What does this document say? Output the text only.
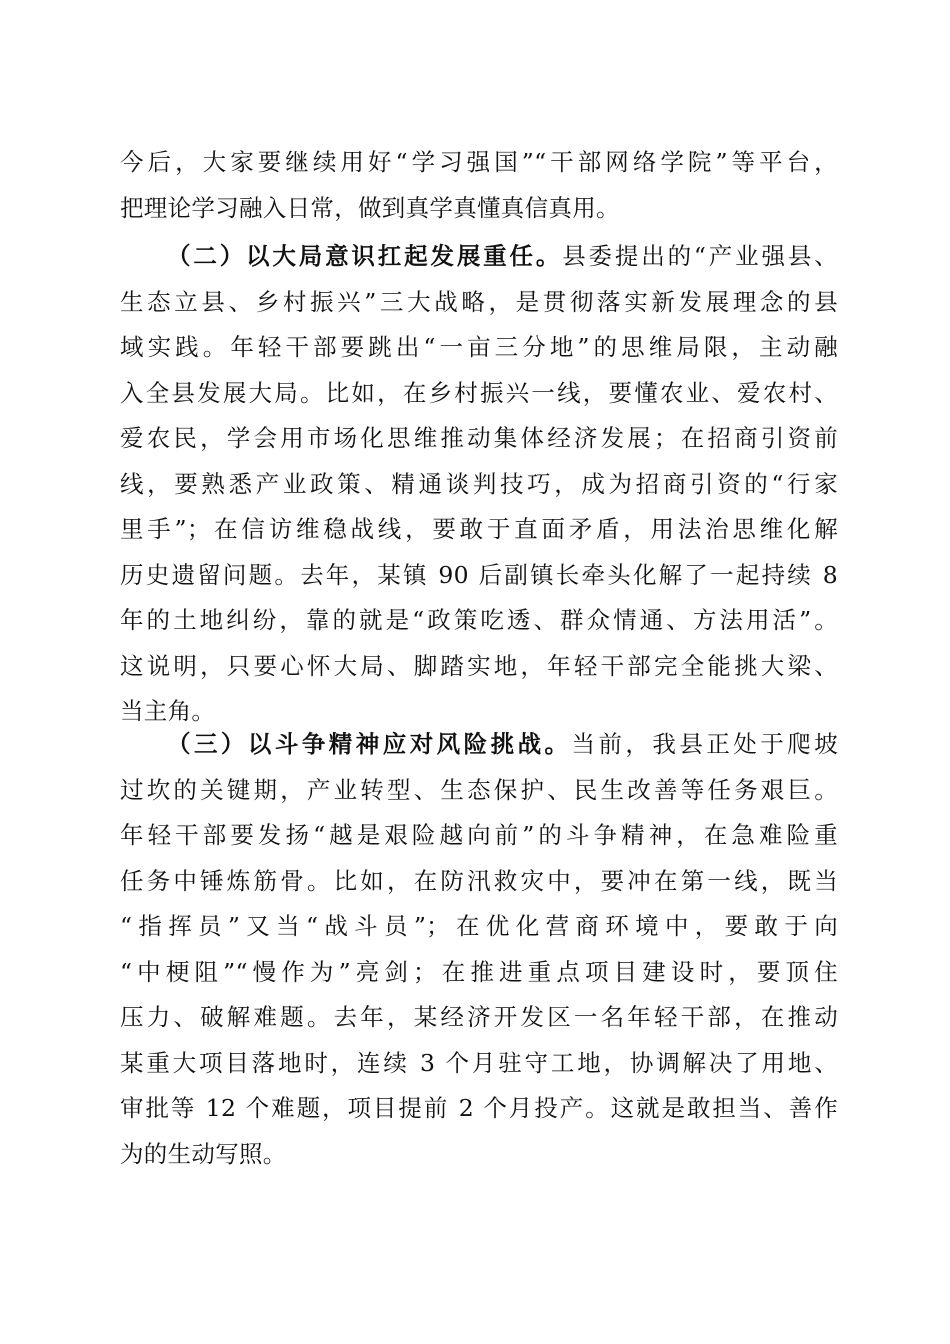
今后，大家要继续用好“学习强国”“干部网络学院”等平台，
把理论学习融入日常，做到真学真懂真信真用。
（二）以大局意识扛起发展重任。县委提出的“产业强县、
生态立县、乡村振兴”三大战略，是贯彻落实新发展理念的县
域实践。年轻干部要跳出“一亩三分地”的思维局限，主动融
入全县发展大局。比如，在乡村振兴一线，要懂农业、爱农村、
爱农民，学会用市场化思维推动集体经济发展；在招商引资前
线，要熟悉产业政策、精通谈判技巧，成为招商引资的“行家
里手”；在信访维稳战线，要敢于直面矛盾，用法治思维化解
历史遗留问题。去年，某镇 90 后副镇长牵头化解了一起持续 8
年的土地纠纷，靠的就是“政策吃透、群众情通、方法用活”。
这说明，只要心怀大局、脚踏实地，年轻干部完全能挑大梁、
当主角。
（三）以斗争精神应对风险挑战。当前，我县正处于爬坡
过坎的关键期，产业转型、生态保护、民生改善等任务艰巨。
年轻干部要发扬“越是艰险越向前”的斗争精神，在急难险重
任务中锤炼筋骨。比如，在防汛救灾中，要冲在第一线，既当
“指挥员”又当“战斗员”；在优化营商环境中，要敢于向
“中梗阻”“慢作为”亮剑；在推进重点项目建设时，要顶住
压力、破解难题。去年，某经济开发区一名年轻干部，在推动
某重大项目落地时，连续 3 个月驻守工地，协调解决了用地、
审批等 12 个难题，项目提前 2 个月投产。这就是敢担当、善作
为的生动写照。
